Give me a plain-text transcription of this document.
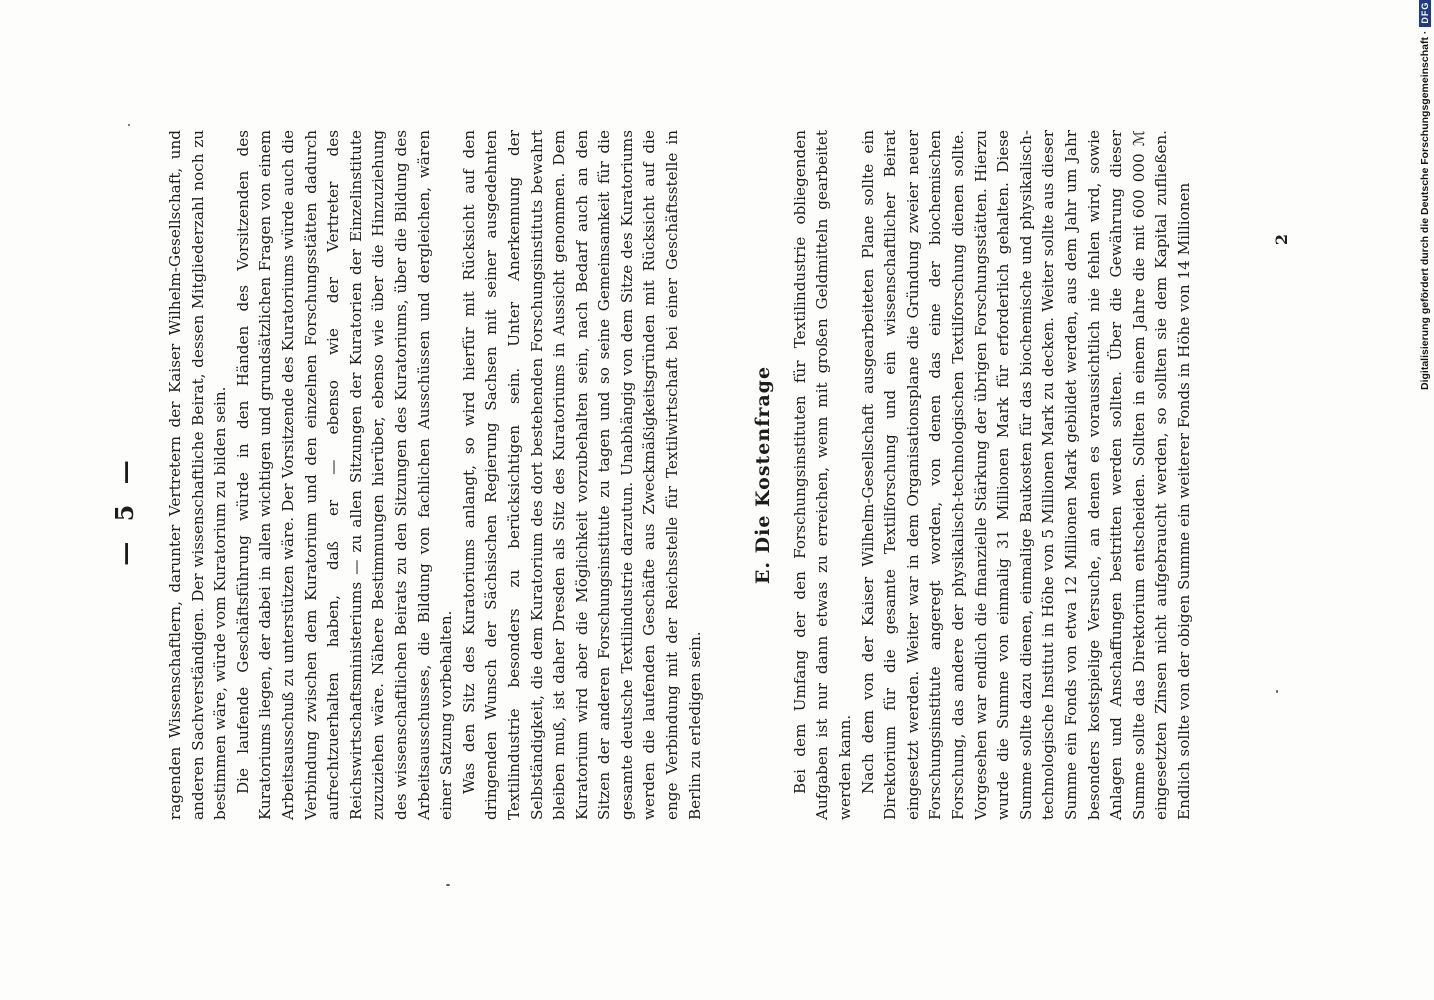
— 5 — ragenden Wissenschaftlern, darunter Vertretern der Kaiser Wilhelm-Gesellschaft, und anderen Sachverständigen. Der wissenschaftliche Beirat, dessen Mitgliederzahl noch zu bestimmen wäre, würde vom Kuratorium zu bilden sein. Die laufende Geschäftsführung würde in den Händen des Vorsitzenden des Kuratoriums liegen, der dabei in allen wichtigen und grundsätzlichen Fragen von einem Arbeitsausschuß zu unterstützen wäre. Der Vorsitzende des Kuratoriums würde auch die Verbindung zwischen dem Kuratorium und den einzelnen Forschungsstätten dadurch aufrechtzuerhalten haben, daß er — ebenso wie der Vertreter des Reichswirtschaftsministeriums — zu allen Sitzungen der Kuratorien der Einzelinstitute zuzuziehen wäre. Nähere Bestimmungen hierüber, ebenso wie über die Hinzuziehung des wissenschaftlichen Beirats zu den Sitzungen des Kuratoriums, über die Bildung des Arbeitsausschusses, die Bildung von fachlichen Ausschüssen und dergleichen, wären einer Satzung vorbehalten. Was den Sitz des Kuratoriums anlangt, so wird hierfür mit Rücksicht auf den dringenden Wunsch der Sächsischen Regierung Sachsen mit seiner ausgedehnten Textilindustrie besonders zu berücksichtigen sein. Unter Anerkennung der Selbständigkeit, die dem Kuratorium des dort bestehenden Forschungsinstituts bewahrt bleiben muß, ist daher Dresden als Sitz des Kuratoriums in Aussicht genommen. Dem Kuratorium wird aber die Möglichkeit vorzubehalten sein, nach Bedarf auch an den Sitzen der anderen Forschungsinstitute zu tagen und so seine Gemeinsamkeit für die gesamte deutsche Textilindustrie darzutun. Unabhängig von dem Sitze des Kuratoriums werden die laufenden Geschäfte aus Zweckmäßigkeitsgründen mit Rücksicht auf die enge Verbindung mit der Reichsstelle für Textilwirtschaft bei einer Geschäftsstelle in Berlin zu erledigen sein.

E. Die Kostenfrage Bei dem Umfang der den Forschungsinstituten für Textilindustrie obliegenden Aufgaben ist nur dann etwas zu erreichen, wenn mit großen Geldmitteln gearbeitet werden kann. Nach dem von der Kaiser Wilhelm-Gesellschaft ausgearbeiteten Plane sollte ein Direktorium für die gesamte Textilforschung und ein wissenschaftlicher Beirat eingesetzt werden. Weiter war in dem Organisationsplane die Gründung zweier neuer Forschungsinstitute angeregt worden, von denen das eine der biochemischen Forschung, das andere der physikalisch-technologischen Textilforschung dienen sollte. Vorgesehen war endlich die finanzielle Stärkung der übrigen Forschungsstätten. Hierzu wurde die Summe von einmalig 31 Millionen Mark für erforderlich gehalten. Diese Summe sollte dazu dienen, einmalige Baukosten für das biochemische und physikalisch-technologische Institut in Höhe von 5 Millionen Mark zu decken. Weiter sollte aus dieser Summe ein Fonds von etwa 12 Millionen Mark gebildet werden, aus dem Jahr um Jahr besonders kostspielige Versuche, an denen es voraussichtlich nie fehlen wird, sowie Anlagen und Anschaffungen bestritten werden sollten. Über die Gewährung dieser Summe sollte das Direktorium entscheiden. Sollten in einem Jahre die mit 600 000 ℳ eingesetzten Zinsen nicht aufgebraucht werden, so sollten sie dem Kapital zufließen. Endlich sollte von der obigen Summe ein weiterer Fonds in Höhe von 14 Millionen	2	Digitalisierung gefördert durch die Deutsche Forschungsgemeinschaft ·
DFG
